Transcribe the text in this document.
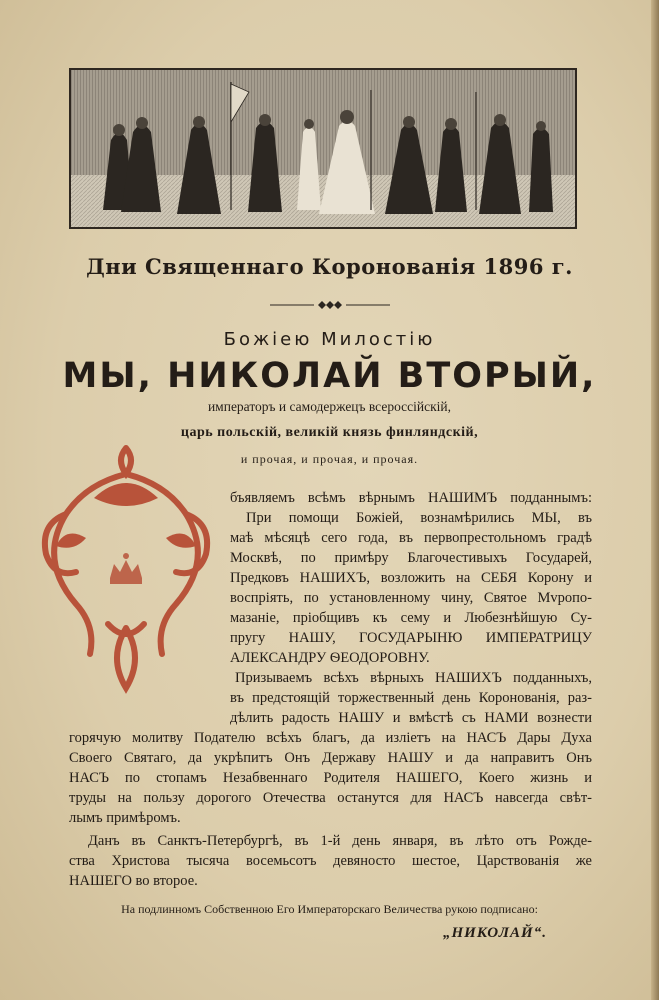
Дни Священнаго Коронованія 1896 г.

Божіею Милостію

МЫ, НИКОЛАЙ ВТОРЫЙ,

императоръ и самодержецъ всероссійскій,

царь польскій, великій князь финляндскій,

и прочая, и прочая, и прочая.

бъявляемъ всѣмъ вѣрнымъ НАШИМЪ подданнымъ:
При помощи Божіей, вознамѣрились МЫ, въ
маѣ мѣсяцѣ сего года, въ первопрестольномъ градѣ
Москвѣ, по примѣру Благочестивыхъ Государей,
Предковъ НАШИХЪ, возложить на СЕБЯ Корону и
воспріять, по установленному чину, Святое Мvропо-
мазаніе, пріобщивъ къ сему и Любезнѣйшую Су-
пругу НАШУ, ГОСУДАРЫНЮ ИМПЕРАТРИЦУ
АЛЕКСАНДРУ ѲЕОДОРОВНУ.
Призываемъ всѣхъ вѣрныхъ НАШИХЪ подданныхъ,
въ предстоящій торжественный день Коронованія, раз-
дѣлить радость НАШУ и вмѣстѣ съ НАМИ вознести
горячую молитву Подателю всѣхъ благъ, да изліетъ на НАСЪ Дары Духа
Своего Святаго, да укрѣпитъ Онъ Державу НАШУ и да направитъ Онъ
НАСЪ по стопамъ Незабвеннаго Родителя НАШЕГО, Коего жизнь и
труды на пользу дорогого Отечества останутся для НАСЪ навсегда свѣт-
лымъ примѣромъ.
Данъ въ Санктъ-Петербургѣ, въ 1-й день января, въ лѣто отъ Рожде-
ства Христова тысяча восемьсотъ девяносто шестое, Царствованія же
НАШЕГО во второе.
На подлинномъ Собственною Его Императорскаго Величества рукою подписано:
„НИКОЛАЙ“.
